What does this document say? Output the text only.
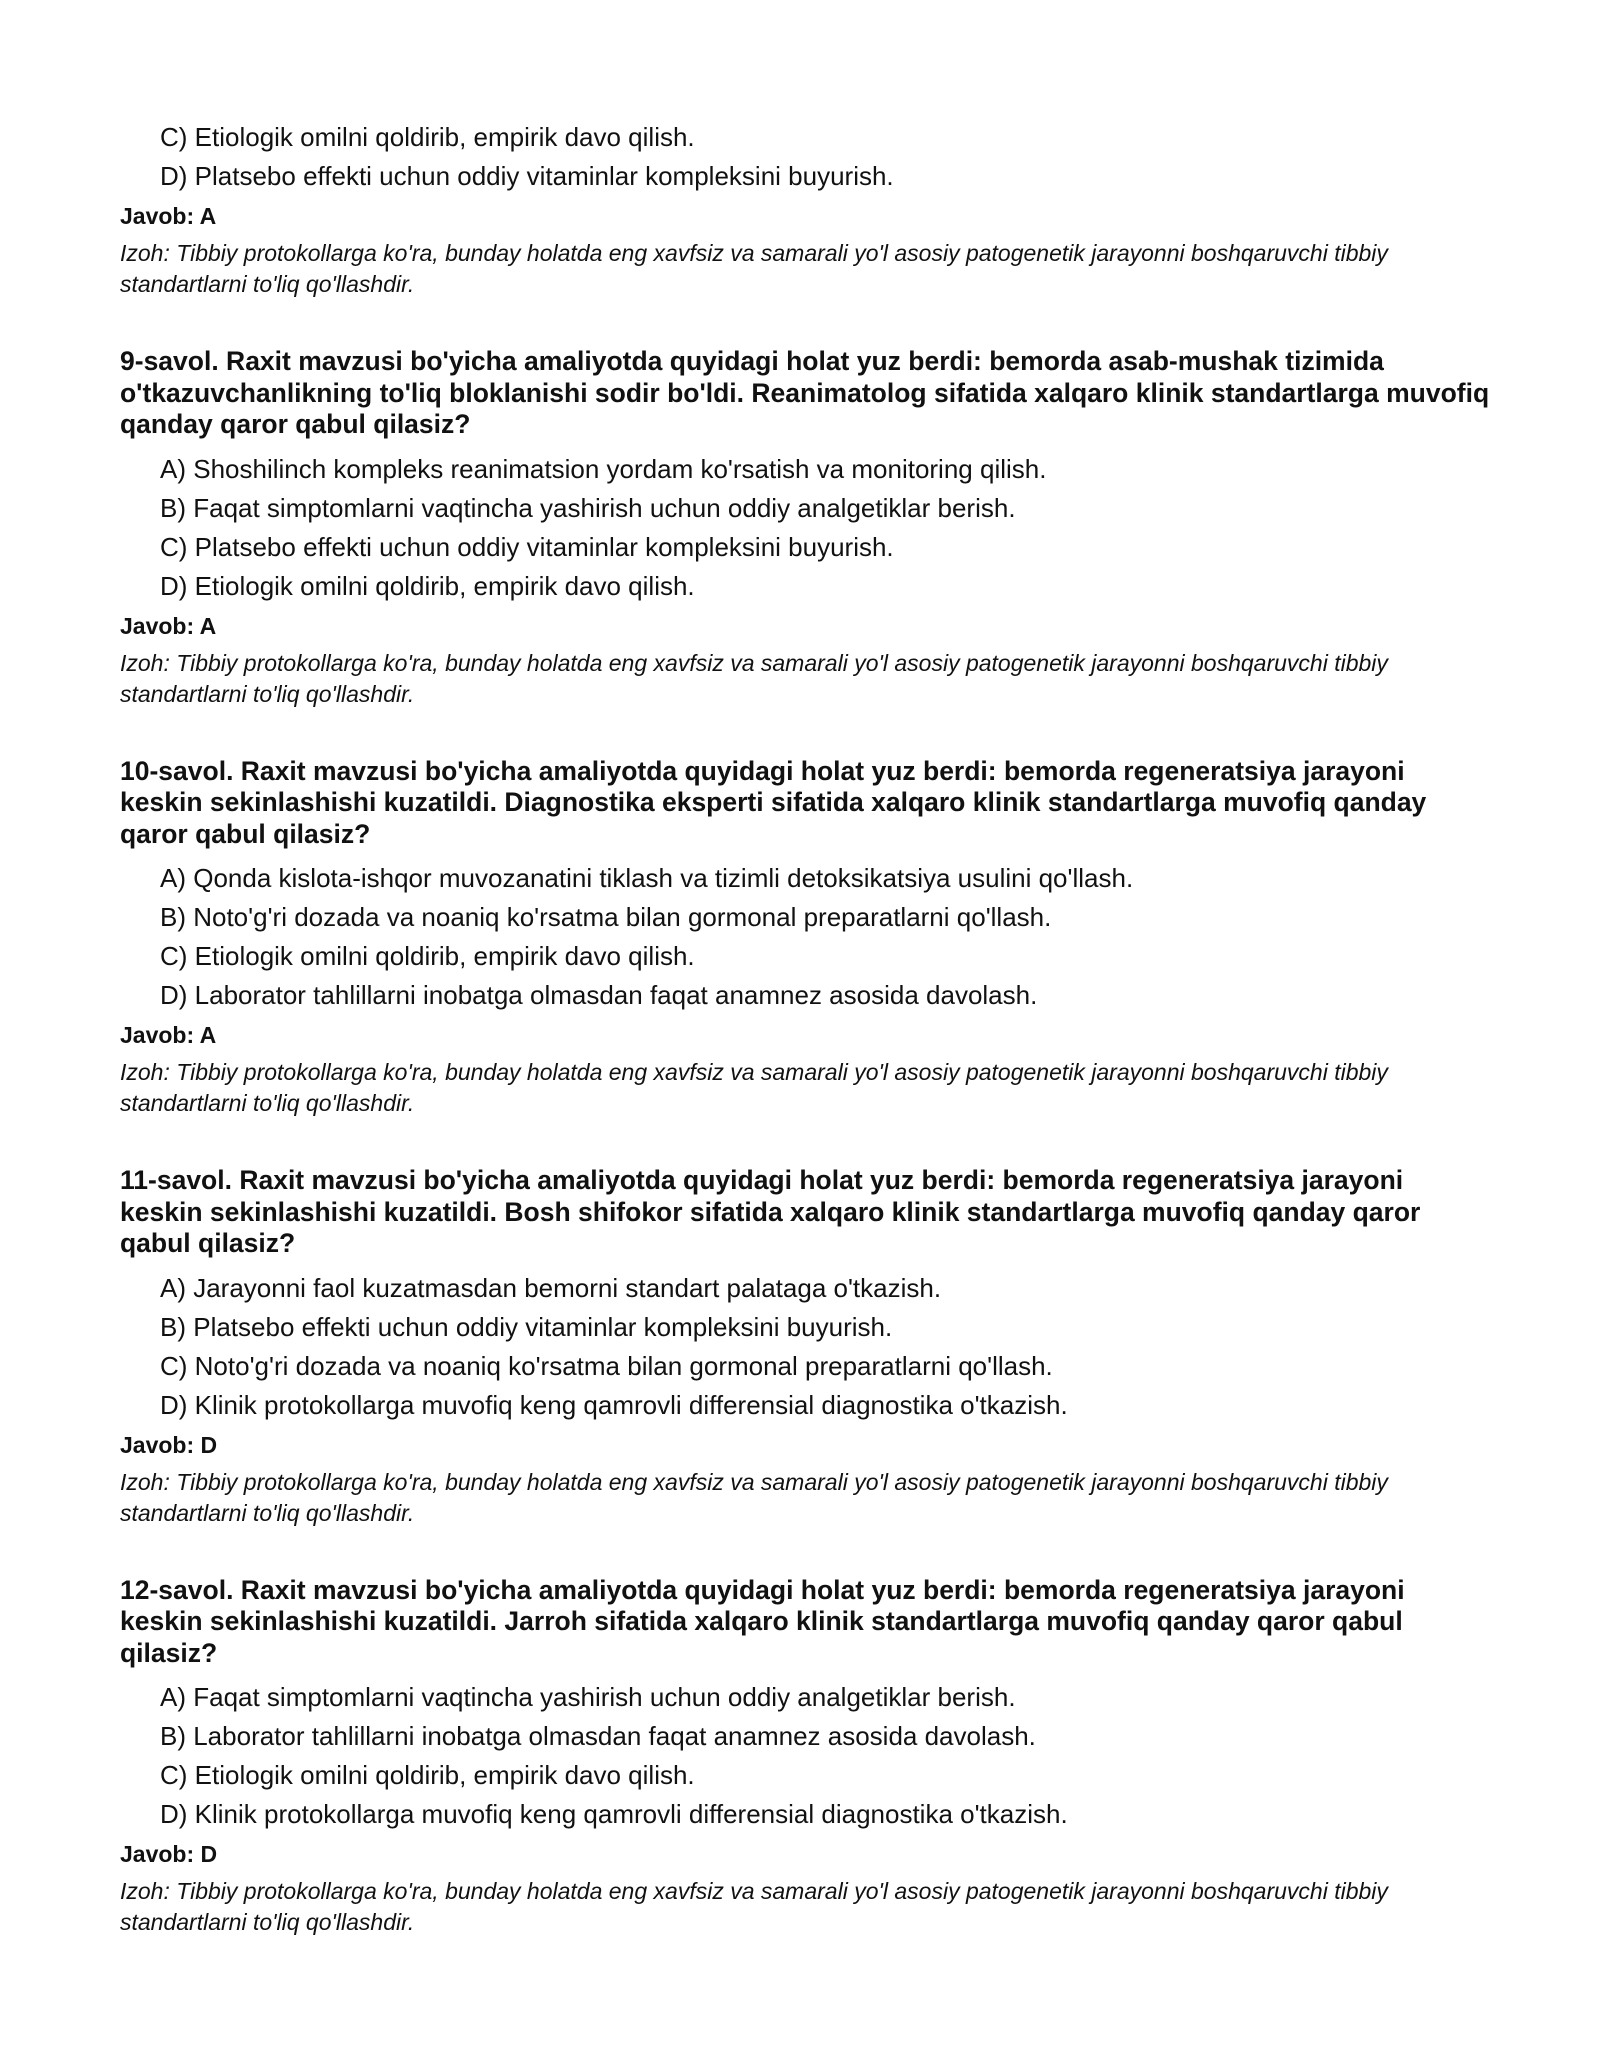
C) Etiologik omilni qoldirib, empirik davo qilish.
D) Platsebo effekti uchun oddiy vitaminlar kompleksini buyurish.
Javob: A
Izoh: Tibbiy protokollarga ko'ra, bunday holatda eng xavfsiz va samarali yo'l asosiy patogenetik jarayonni boshqaruvchi tibbiy standartlarni to'liq qo'llashdir.
9-savol. Raxit mavzusi bo'yicha amaliyotda quyidagi holat yuz berdi: bemorda asab-mushak tizimida o'tkazuvchanlikning to'liq bloklanishi sodir bo'ldi. Reanimatolog sifatida xalqaro klinik standartlarga muvofiq qanday qaror qabul qilasiz?
A) Shoshilinch kompleks reanimatsion yordam ko'rsatish va monitoring qilish.
B) Faqat simptomlarni vaqtincha yashirish uchun oddiy analgetiklar berish.
C) Platsebo effekti uchun oddiy vitaminlar kompleksini buyurish.
D) Etiologik omilni qoldirib, empirik davo qilish.
Javob: A
Izoh: Tibbiy protokollarga ko'ra, bunday holatda eng xavfsiz va samarali yo'l asosiy patogenetik jarayonni boshqaruvchi tibbiy standartlarni to'liq qo'llashdir.
10-savol. Raxit mavzusi bo'yicha amaliyotda quyidagi holat yuz berdi: bemorda regeneratsiya jarayoni keskin sekinlashishi kuzatildi. Diagnostika eksperti sifatida xalqaro klinik standartlarga muvofiq qanday qaror qabul qilasiz?
A) Qonda kislota-ishqor muvozanatini tiklash va tizimli detoksikatsiya usulini qo'llash.
B) Noto'g'ri dozada va noaniq ko'rsatma bilan gormonal preparatlarni qo'llash.
C) Etiologik omilni qoldirib, empirik davo qilish.
D) Laborator tahlillarni inobatga olmasdan faqat anamnez asosida davolash.
Javob: A
Izoh: Tibbiy protokollarga ko'ra, bunday holatda eng xavfsiz va samarali yo'l asosiy patogenetik jarayonni boshqaruvchi tibbiy standartlarni to'liq qo'llashdir.
11-savol. Raxit mavzusi bo'yicha amaliyotda quyidagi holat yuz berdi: bemorda regeneratsiya jarayoni keskin sekinlashishi kuzatildi. Bosh shifokor sifatida xalqaro klinik standartlarga muvofiq qanday qaror qabul qilasiz?
A) Jarayonni faol kuzatmasdan bemorni standart palataga o'tkazish.
B) Platsebo effekti uchun oddiy vitaminlar kompleksini buyurish.
C) Noto'g'ri dozada va noaniq ko'rsatma bilan gormonal preparatlarni qo'llash.
D) Klinik protokollarga muvofiq keng qamrovli differensial diagnostika o'tkazish.
Javob: D
Izoh: Tibbiy protokollarga ko'ra, bunday holatda eng xavfsiz va samarali yo'l asosiy patogenetik jarayonni boshqaruvchi tibbiy standartlarni to'liq qo'llashdir.
12-savol. Raxit mavzusi bo'yicha amaliyotda quyidagi holat yuz berdi: bemorda regeneratsiya jarayoni keskin sekinlashishi kuzatildi. Jarroh sifatida xalqaro klinik standartlarga muvofiq qanday qaror qabul qilasiz?
A) Faqat simptomlarni vaqtincha yashirish uchun oddiy analgetiklar berish.
B) Laborator tahlillarni inobatga olmasdan faqat anamnez asosida davolash.
C) Etiologik omilni qoldirib, empirik davo qilish.
D) Klinik protokollarga muvofiq keng qamrovli differensial diagnostika o'tkazish.
Javob: D
Izoh: Tibbiy protokollarga ko'ra, bunday holatda eng xavfsiz va samarali yo'l asosiy patogenetik jarayonni boshqaruvchi tibbiy standartlarni to'liq qo'llashdir.
